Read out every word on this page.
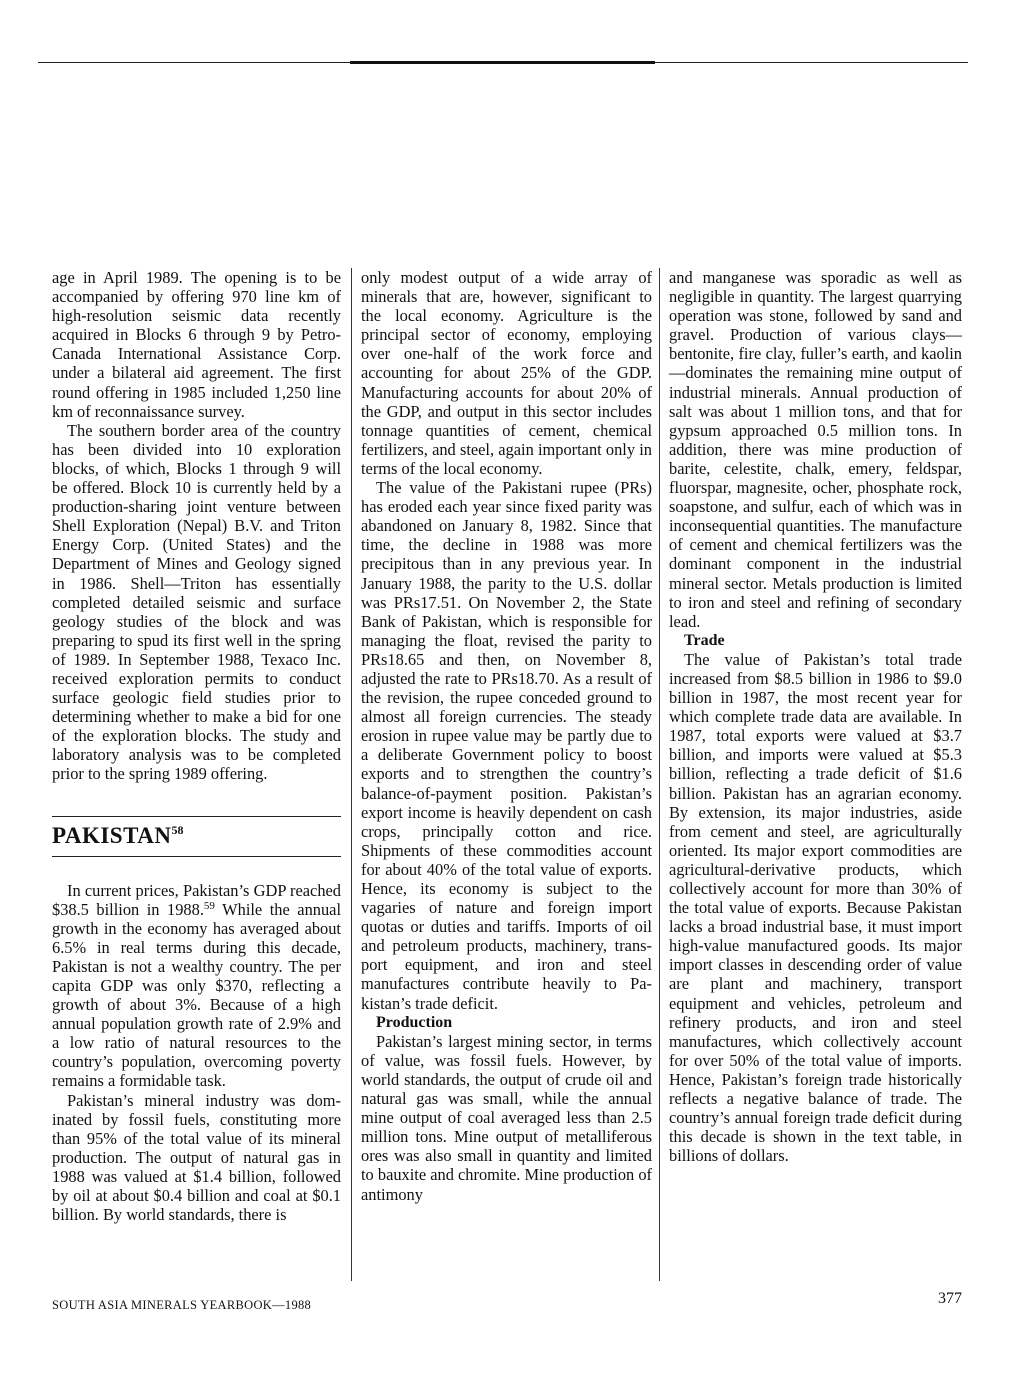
age in April 1989. The opening is to be accompanied by offering 970 line km of high-resolution seismic data recently acquired in Blocks 6 through 9 by Petro-Canada International Assistance Corp. under a bilateral aid agreement. The first round offering in 1985 included 1,250 line km of reconnaissance survey.

The southern border area of the country has been divided into 10 exploration blocks, of which, Blocks 1 through 9 will be offered. Block 10 is currently held by a production-sharing joint venture between Shell Exploration (Nepal) B.V. and Triton Energy Corp. (United States) and the Department of Mines and Geology signed in 1986. Shell—Triton has essentially completed detailed seismic and surface geology studies of the block and was preparing to spud its first well in the spring of 1989. In September 1988, Texaco Inc. received exploration permits to conduct surface geologic field studies prior to determining whether to make a bid for one of the exploration blocks. The study and laboratory analysis was to be completed prior to the spring 1989 offering.

PAKISTAN$^{58}$

In current prices, Pakistan’s GDP reached $38.5 billion in 1988.59 While the annual growth in the economy has averaged about 6.5% in real terms during this decade, Pakistan is not a wealthy country. The per capita GDP was only $370, reflecting a growth of about 3%. Because of a high annual population growth rate of 2.9% and a low ratio of natural resources to the country’s population, overcoming poverty remains a formidable task.

Pakistan’s mineral industry was dominated by fossil fuels, constituting more than 95% of the total value of its mineral production. The output of natural gas in 1988 was valued at $1.4 billion, followed by oil at about $0.4 billion and coal at $0.1 billion. By world standards, there is

only modest output of a wide array of minerals that are, however, significant to the local economy. Agriculture is the principal sector of economy, employing over one-half of the work force and accounting for about 25% of the GDP. Manufacturing accounts for about 20% of the GDP, and output in this sector includes tonnage quantities of cement, chemical fertilizers, and steel, again important only in terms of the local economy.

The value of the Pakistani rupee (PRs) has eroded each year since fixed parity was abandoned on January 8, 1982. Since that time, the decline in 1988 was more precipitous than in any previous year. In January 1988, the parity to the U.S. dollar was PRs17.51. On November 2, the State Bank of Pakistan, which is responsible for managing the float, revised the parity to PRs18.65 and then, on November 8, adjusted the rate to PRs18.70. As a result of the revision, the rupee conceded ground to almost all foreign currencies. The steady erosion in rupee value may be partly due to a deliberate Government policy to boost exports and to strengthen the country’s balance-of-payment position. Pakistan’s export income is heavily dependent on cash crops, principally cotton and rice. Shipments of these commodities account for about 40% of the total value of exports. Hence, its economy is subject to the vagaries of nature and foreign import quotas or duties and tariffs. Imports of oil and petroleum products, machinery, transport equipment, and iron and steel manufactures contribute heavily to Pakistan’s trade deficit.

Production

Pakistan’s largest mining sector, in terms of value, was fossil fuels. However, by world standards, the output of crude oil and natural gas was small, while the annual mine output of coal averaged less than 2.5 million tons. Mine output of metalliferous ores was also small in quantity and limited to bauxite and chromite. Mine production of antimony

and manganese was sporadic as well as negligible in quantity. The largest quarrying operation was stone, followed by sand and gravel. Production of various clays—bentonite, fire clay, fuller’s earth, and kaolin—dominates the remaining mine output of industrial minerals. Annual production of salt was about 1 million tons, and that for gypsum approached 0.5 million tons. In addition, there was mine production of barite, celestite, chalk, emery, feldspar, fluorspar, magnesite, ocher, phosphate rock, soapstone, and sulfur, each of which was in inconsequential quantities. The manufacture of cement and chemical fertilizers was the dominant component in the industrial mineral sector. Metals production is limited to iron and steel and refining of secondary lead.

Trade

The value of Pakistan’s total trade increased from $8.5 billion in 1986 to $9.0 billion in 1987, the most recent year for which complete trade data are available. In 1987, total exports were valued at $3.7 billion, and imports were valued at $5.3 billion, reflecting a trade deficit of $1.6 billion. Pakistan has an agrarian economy. By extension, its major industries, aside from cement and steel, are agriculturally oriented. Its major export commodities are agricultural-derivative products, which collectively account for more than 30% of the total value of exports. Because Pakistan lacks a broad industrial base, it must import high-value manufactured goods. Its major import classes in descending order of value are plant and machinery, transport equipment and vehicles, petroleum and refinery products, and iron and steel manufactures, which collectively account for over 50% of the total value of imports. Hence, Pakistan’s foreign trade historically reflects a negative balance of trade. The country’s annual foreign trade deficit during this decade is shown in the text table, in billions of dollars.

SOUTH ASIA MINERALS YEARBOOK—1988	377
